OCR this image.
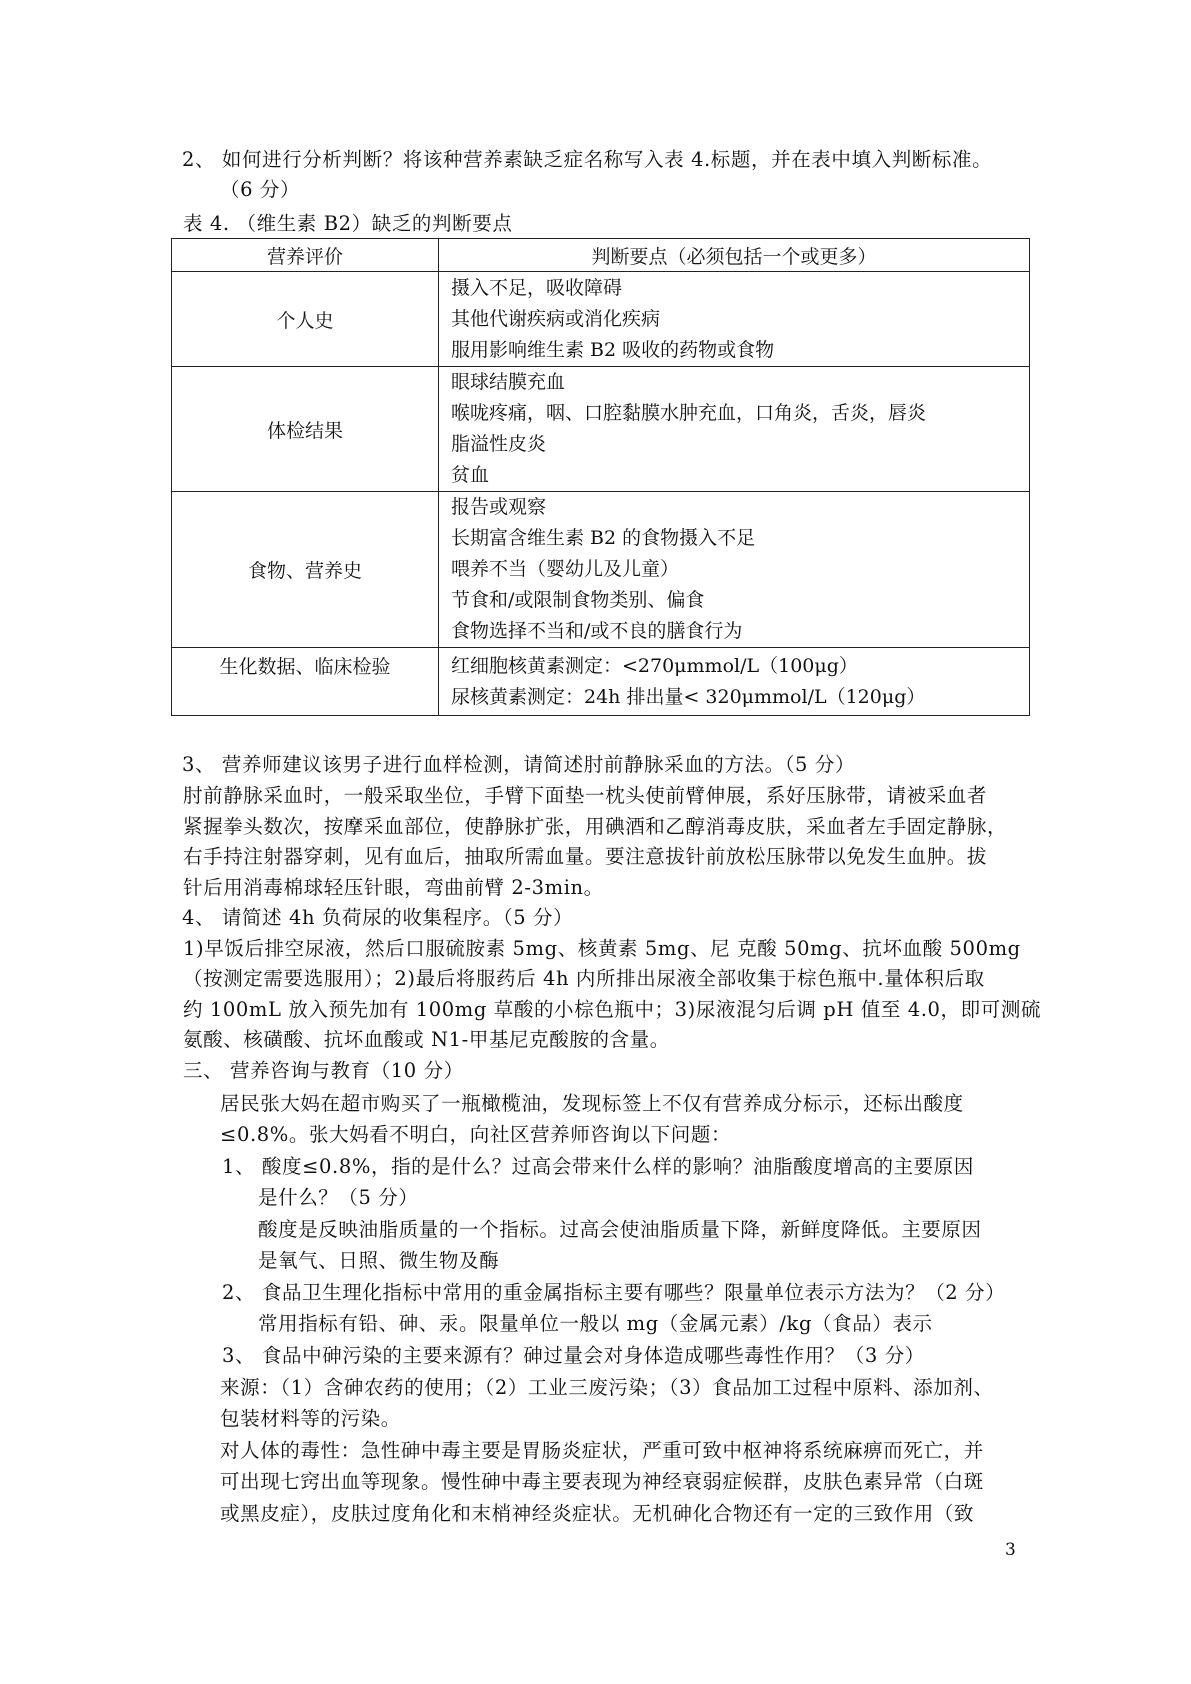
2、 如何进行分析判断？将该种营养素缺乏症名称写入表 4.标题，并在表中填入判断标准。
（6 分）
表 4. （维生素 B2）缺乏的判断要点
营养评价	判断要点（必须包括一个或更多）
个人史	摄入不足，吸收障碍
其他代谢疾病或消化疾病
服用影响维生素 B2 吸收的药物或食物

体检结果	眼球结膜充血
喉咙疼痛，咽、口腔黏膜水肿充血，口角炎，舌炎，唇炎
脂溢性皮炎
贫血

食物、营养史	报告或观察
长期富含维生素 B2 的食物摄入不足
喂养不当（婴幼儿及儿童）
节食和/或限制食物类别、偏食
食物选择不当和/或不良的膳食行为

生化数据、临床检验	红细胞核黄素测定：<270μmmol/L（100μg）
尿核黄素测定：24h 排出量< 320μmmol/L（120μg）
3、 营养师建议该男子进行血样检测，请简述肘前静脉采血的方法。（5 分）
肘前静脉采血时，一般采取坐位，手臂下面垫一枕头使前臂伸展，系好压脉带，请被采血者
紧握拳头数次，按摩采血部位，使静脉扩张，用碘酒和乙醇消毒皮肤，采血者左手固定静脉，
右手持注射器穿刺，见有血后，抽取所需血量。要注意拔针前放松压脉带以免发生血肿。拔
针后用消毒棉球轻压针眼，弯曲前臂 2-3min。
4、 请简述 4h 负荷尿的收集程序。（5 分）
1)早饭后排空尿液，然后口服硫胺素 5mg、核黄素 5mg、尼 克酸 50mg、抗坏血酸 500mg
（按测定需要选服用）；2)最后将服药后 4h 内所排出尿液全部收集于棕色瓶中.量体积后取
约 100mL 放入预先加有 100mg 草酸的小棕色瓶中；3)尿液混匀后调 pH 值至 4.0，即可测硫
氨酸、核磺酸、抗坏血酸或 N1-甲基尼克酸胺的含量。
三、 营养咨询与教育（10 分）
居民张大妈在超市购买了一瓶橄榄油，发现标签上不仅有营养成分标示，还标出酸度
≤0.8%。张大妈看不明白，向社区营养师咨询以下问题：
1、 酸度≤0.8%，指的是什么？过高会带来什么样的影响？油脂酸度增高的主要原因
是什么？（5 分）
酸度是反映油脂质量的一个指标。过高会使油脂质量下降，新鲜度降低。主要原因
是氧气、日照、微生物及酶
2、 食品卫生理化指标中常用的重金属指标主要有哪些？限量单位表示方法为？（2 分）
常用指标有铅、砷、汞。限量单位一般以 mg（金属元素）/kg（食品）表示
3、 食品中砷污染的主要来源有？砷过量会对身体造成哪些毒性作用？（3 分）
来源：（1）含砷农药的使用；（2）工业三废污染；（3）食品加工过程中原料、添加剂、
包装材料等的污染。
对人体的毒性：急性砷中毒主要是胃肠炎症状，严重可致中枢神将系统麻痹而死亡，并
可出现七窍出血等现象。慢性砷中毒主要表现为神经衰弱症候群，皮肤色素异常（白斑
或黑皮症），皮肤过度角化和末梢神经炎症状。无机砷化合物还有一定的三致作用（致
3
